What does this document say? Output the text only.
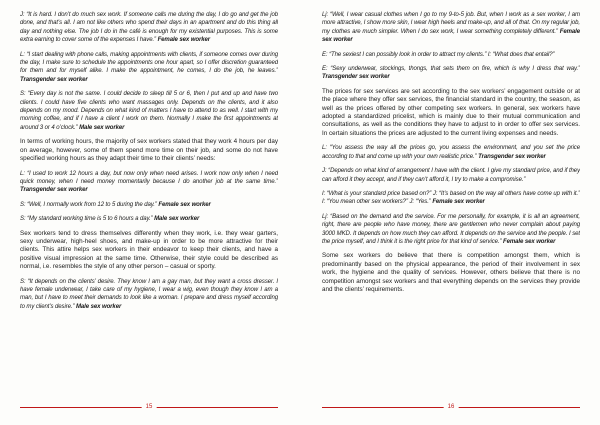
J: “It is hard. I don’t do much sex work. If someone calls me during the day, I do go and get the job done, and that’s all. I am not like others who spend their days in an apartment and do this thing all day and nothing else. The job I do in the café is enough for my existential purposes. This is some extra earning to cover some of the expenses I have.” Female sex worker

L: “I start dealing with phone calls, making appointments with clients, if someone comes over during the day, I make sure to schedule the appointments one hour apart, so I offer discretion guaranteed for them and for myself alike. I make the appointment, he comes, I do the job, he leaves.” Transgender sex worker

S: “Every day is not the same. I could decide to sleep till 5 or 6, then I put and up and have two clients. I could have five clients who want massages only. Depends on the clients, and it also depends on my mood. Depends on what kind of matters I have to attend to as well. I start with my morning coffee, and if I have a client I work on them. Normally I make the first appointments at around 3 or 4 o’clock.” Male sex worker

In terms of working hours, the majority of sex workers stated that they work 4 hours per day on average, however, some of them spend more time on their job, and some do not have specified working hours as they adapt their time to their clients’ needs:

L: “I used to work 12 hours a day, but now only when need arises. I work now only when I need quick money, when I need money momentarily because I do another job at the same time.” Transgender sex worker

S: “Well, I normally work from 12 to 5 during the day.” Female sex worker

S: “My standard working time is 5 to 6 hours a day.” Male sex worker

Sex workers tend to dress themselves differently when they work, i.e. they wear garters, sexy underwear, high-heel shoes, and make-up in order to be more attractive for their clients. This attire helps sex workers in their endeavor to keep their clients, and have a positive visual impression at the same time. Otherwise, their style could be described as normal, i.e. resembles the style of any other person – casual or sporty.

S: “It depends on the clients’ desire. They know I am a gay man, but they want a cross dresser. I have female underwear, I take care of my hygiene, I wear a wig, even though they know I am a man, but I have to meet their demands to look like a woman. I prepare and dress myself according to my client’s desire.” Male sex worker

15

Lj: “Well, I wear casual clothes when I go to my 9-to-5 job. But, when I work as a sex worker, I am more attractive, I show more skin, I wear high heels and make-up, and all of that. On my regular job, my clothes are much simpler. When I do sex work, I wear something completely different.” Female sex worker

E: “The sexiest I can possibly look in order to attract my clients.” I: “What does that entail?”

E: “Sexy underwear, stockings, thongs, that sets them on fire, which is why I dress that way.” Transgender sex worker

The prices for sex services are set according to the sex workers’ engagement outside or at the place where they offer sex services, the financial standard in the country, the season, as well as the prices offered by other competing sex workers. In general, sex workers have adopted a standardized pricelist, which is mainly due to their mutual communication and consultations, as well as the conditions they have to adjust to in order to offer sex services. In certain situations the prices are adjusted to the current living expenses and needs.

L: “You assess the way all the prices go, you assess the environment, and you set the price according to that and come up with your own realistic price.” Transgender sex worker

J: “Depends on what kind of arrangement I have with the client. I give my standard price, and if they can afford it they accept, and if they can’t afford it, I try to make a compromise.”

I: “What is your standard price based on?” J: “It’s based on the way all others have come up with it.” I: “You mean other sex workers?” J: “Yes.” Female sex worker

Lj: “Based on the demand and the service. For me personally, for example, it is all an agreement, right, there are people who have money, there are gentlemen who never complain about paying 3000 MKD. It depends on how much they can afford. It depends on the service and the people. I set the price myself, and I think it is the right price for that kind of service.” Female sex worker

Some sex workers do believe that there is competition amongst them, which is predominantly based on the physical appearance, the period of their involvement in sex work, the hygiene and the quality of services. However, others believe that there is no competition amongst sex workers and that everything depends on the services they provide and the clients’ requirements.

16
